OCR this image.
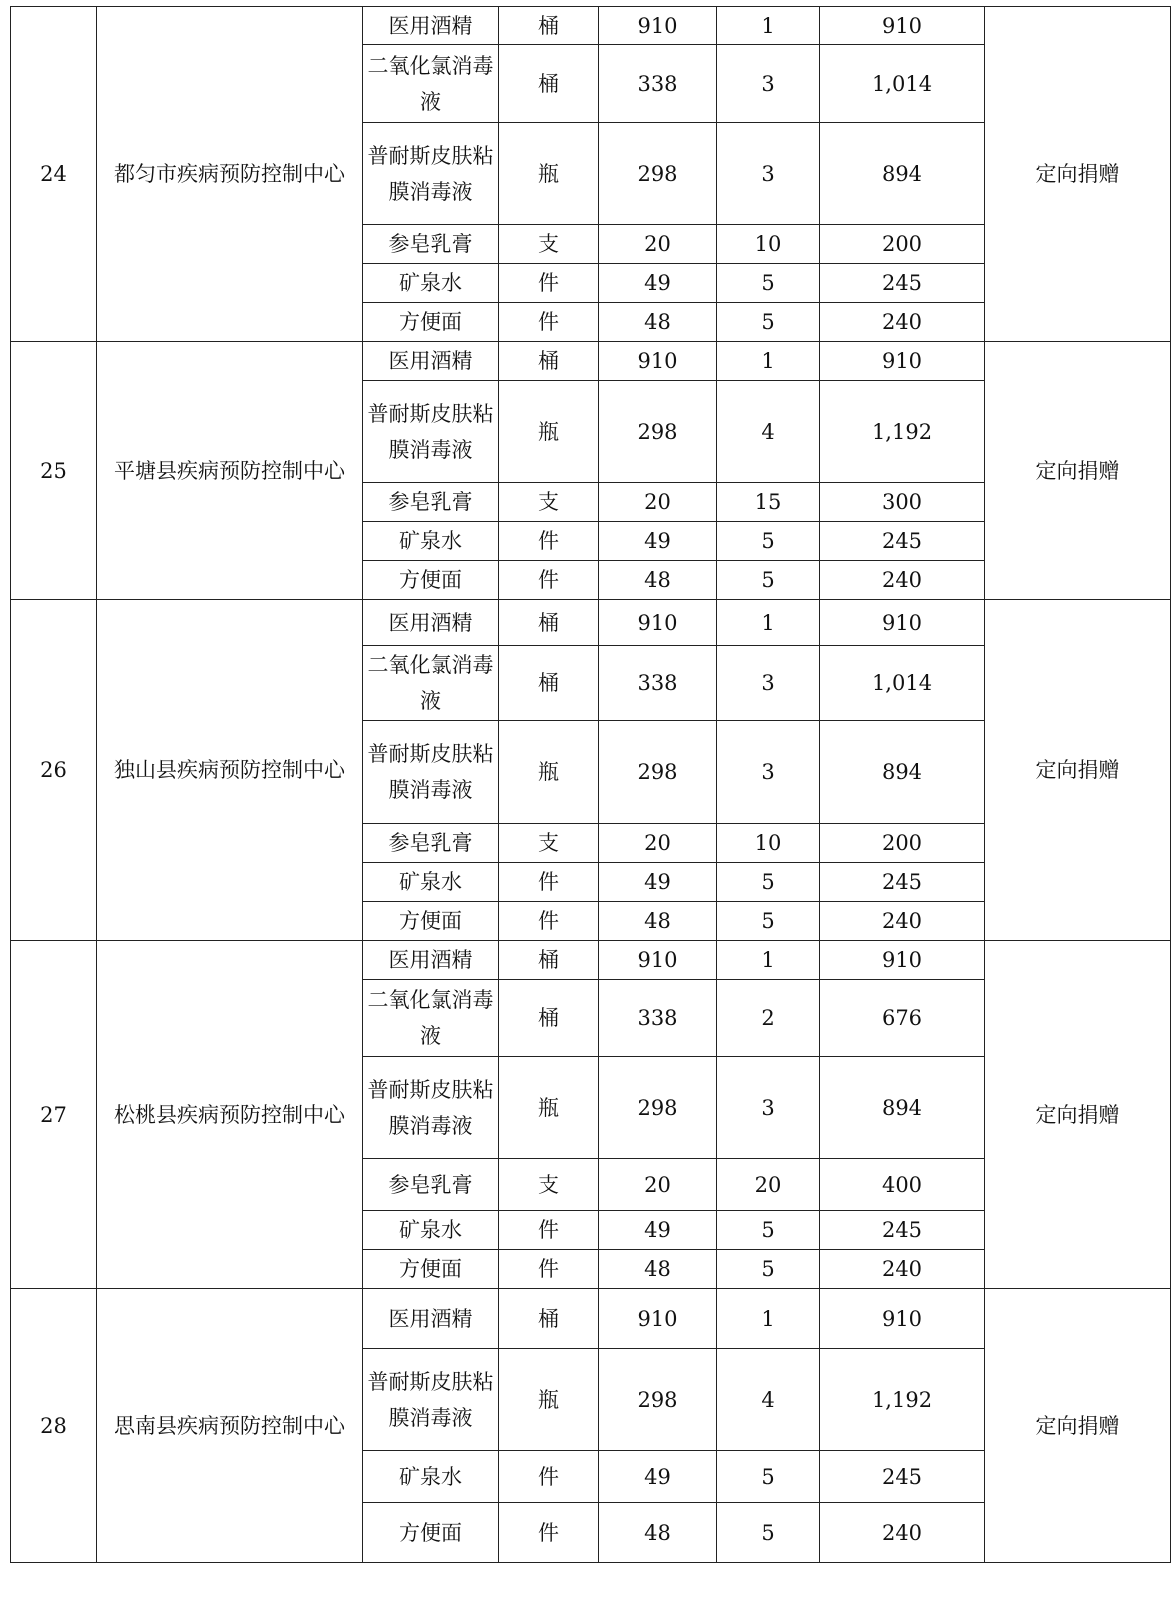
24	都匀市疾病预防控制中心	医用酒精	桶	910	1	910	定向捐赠
		二氧化氯消毒液	桶	338	3	1,014	
		普耐斯皮肤粘膜消毒液	瓶	298	3	894	
		参皂乳膏	支	20	10	200	
		矿泉水	件	49	5	245	
		方便面	件	48	5	240	
25	平塘县疾病预防控制中心	医用酒精	桶	910	1	910	定向捐赠
		普耐斯皮肤粘膜消毒液	瓶	298	4	1,192	
		参皂乳膏	支	20	15	300	
		矿泉水	件	49	5	245	
		方便面	件	48	5	240	
26	独山县疾病预防控制中心	医用酒精	桶	910	1	910	定向捐赠
		二氧化氯消毒液	桶	338	3	1,014	
		普耐斯皮肤粘膜消毒液	瓶	298	3	894	
		参皂乳膏	支	20	10	200	
		矿泉水	件	49	5	245	
		方便面	件	48	5	240	
27	松桃县疾病预防控制中心	医用酒精	桶	910	1	910	定向捐赠
		二氧化氯消毒液	桶	338	2	676	
		普耐斯皮肤粘膜消毒液	瓶	298	3	894	
		参皂乳膏	支	20	20	400	
		矿泉水	件	49	5	245	
		方便面	件	48	5	240	
28	思南县疾病预防控制中心	医用酒精	桶	910	1	910	定向捐赠
		普耐斯皮肤粘膜消毒液	瓶	298	4	1,192	
		矿泉水	件	49	5	245	
		方便面	件	48	5	240	
